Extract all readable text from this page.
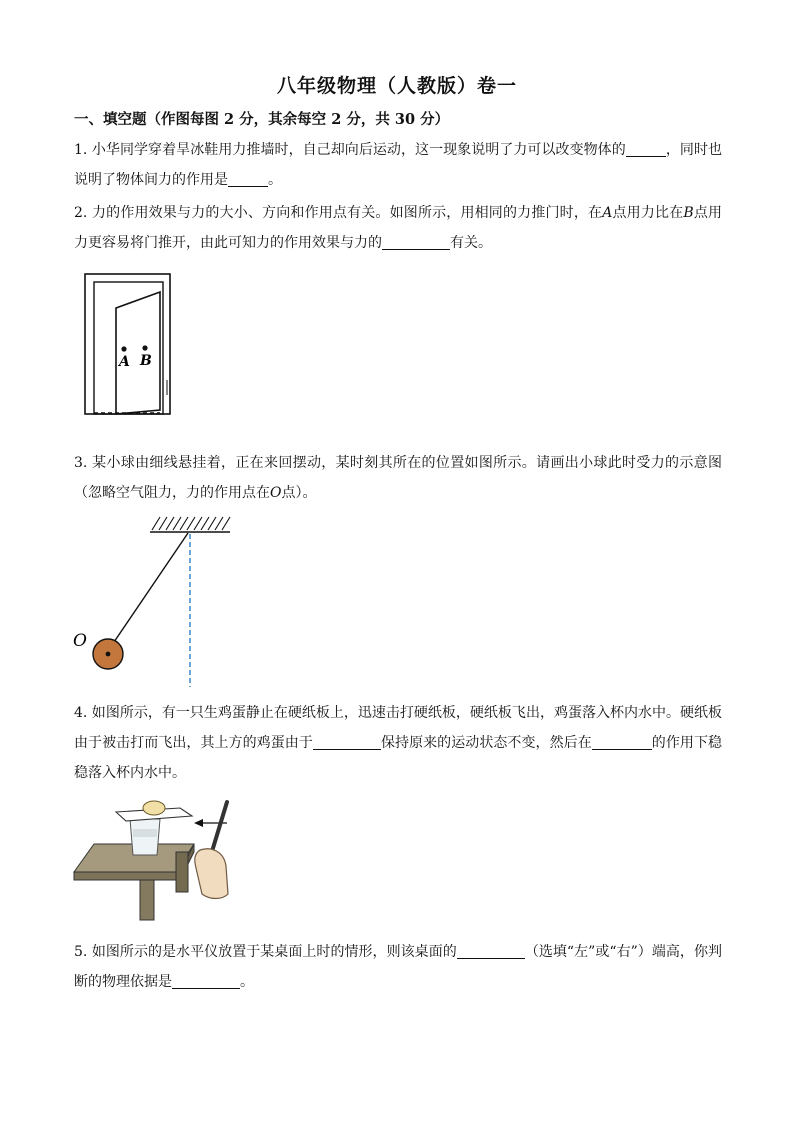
八年级物理（人教版）卷一
一、填空题（作图每图 2 分，其余每空 2 分，共 30 分）
1. 小华同学穿着旱冰鞋用力推墙时，自己却向后运动，这一现象说明了力可以改变物体的	，同时也说明了物体间力的作用是	。
2. 力的作用效果与力的大小、方向和作用点有关。如图所示，用相同的力推门时，在A点用力比在B点用力更容易将门推开，由此可知力的作用效果与力的	有关。
A B
3. 某小球由细线悬挂着，正在来回摆动，某时刻其所在的位置如图所示。请画出小球此时受力的示意图（忽略空气阻力，力的作用点在O点）。
O
4. 如图所示，有一只生鸡蛋静止在硬纸板上，迅速击打硬纸板，硬纸板飞出，鸡蛋落入杯内水中。硬纸板由于被击打而飞出，其上方的鸡蛋由于	保持原来的运动状态不变，然后在	的作用下稳稳落入杯内水中。
5. 如图所示的是水平仪放置于某桌面上时的情形，则该桌面的	（选填“左”或“右”）端高，你判断的物理依据是	。
